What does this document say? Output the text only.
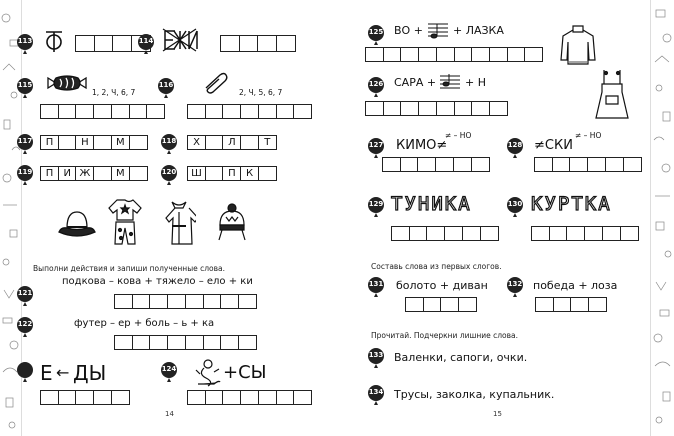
113	114
115
1, 2, Ч, 6, 7
116
2, Ч, 5, 6, 7
117	П	Н	М	118	Х	Л	Т
119	П	И Ж	М	120	Ш	П	К
Выполни действия и запиши полученные слова.
121
подкова – кова + тяжело – ело + ки
122	футер – ер + боль – ь + ка
Е ← ДЫ	124	+СЫ
14
125 ВО +	+ ЛАЗКА
126 САРА +	+ Н
127 КИМО≠
≠ – НО
128 ≠СКИ
≠ – НО
129 ТУНИКА	130 КУРТКА
Составь слова из первых слогов.
131	болото + диван	132 победа + лоза
Прочитай. Подчеркни лишние слова.
133 Валенки, сапоги, очки.
134 Трусы, заколка, купальник.
15
